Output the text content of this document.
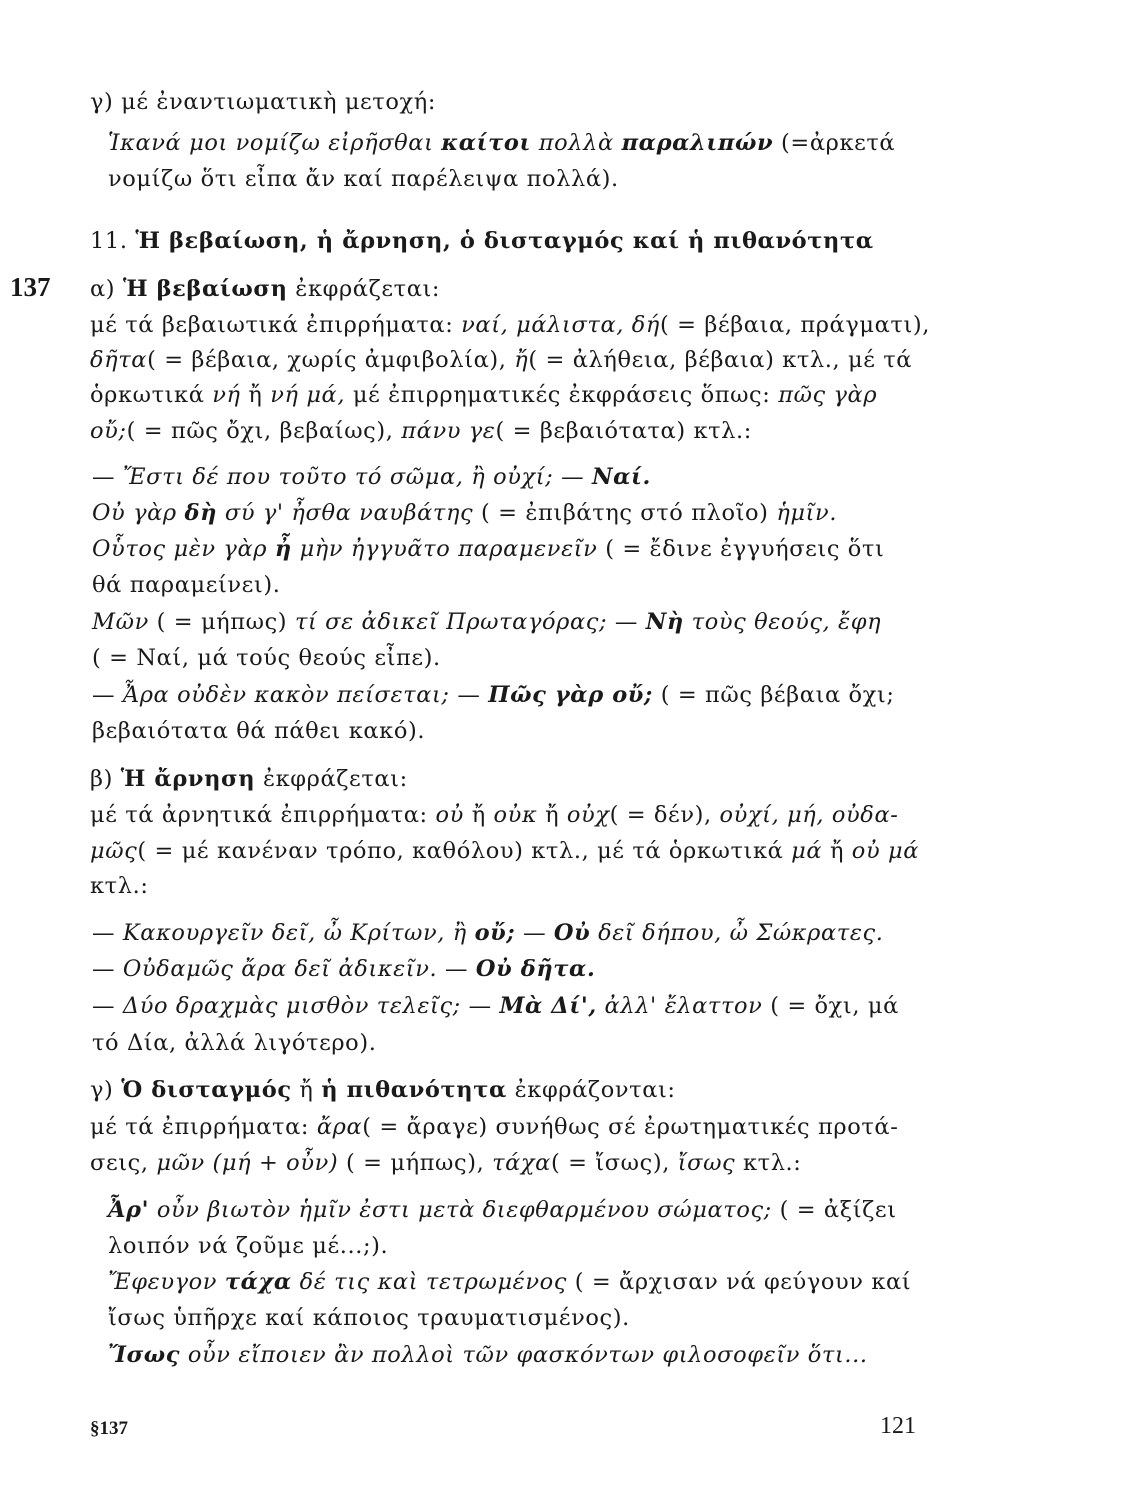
137
γ) μέ ἐναντιωματικὴ μετοχή:
Ἱκανά μοι νομίζω εἰρῆσθαι καίτοι πολλὰ παραλιπών (=ἀρκετά
νομίζω ὅτι εἶπα ἄν καί παρέλειψα πολλά).
11. Ἡ βεβαίωση, ἡ ἄρνηση, ὁ δισταγμός καί ἡ πιθανότητα
α) Ἡ βεβαίωση ἐκφράζεται:
μέ τά βεβαιωτικά ἐπιρρήματα: ναί, μάλιστα, δή( = βέβαια, πράγματι),
δῆτα( = βέβαια, χωρίς ἀμφιβολία), ἤ( = ἀλήθεια, βέβαια) κτλ., μέ τά
ὁρκωτικά νή ἤ νή μά, μέ ἐπιρρηματικές ἐκφράσεις ὅπως: πῶς γὰρ
οὔ;( = πῶς ὄχι, βεβαίως), πάνυ γε( = βεβαιότατα) κτλ.:
— Ἔστι δέ που τοῦτο τό σῶμα, ἢ οὐχί; — Ναί.
Οὐ γὰρ δὴ σύ γ' ἦσθα ναυβάτης ( = ἐπιβάτης στό πλοῖο) ἡμῖν.
Οὗτος μὲν γὰρ ἦ μὴν ἠγγυᾶτο παραμενεῖν ( = ἔδινε ἐγγυήσεις ὅτι
θά παραμείνει).
Μῶν ( = μήπως) τί σε ἀδικεῖ Πρωταγόρας; — Νὴ τοὺς θεούς, ἔφη
( = Ναί, μά τούς θεούς εἶπε).
— Ἆρα οὐδὲν κακὸν πείσεται; — Πῶς γὰρ οὔ; ( = πῶς βέβαια ὄχι;
βεβαιότατα θά πάθει κακό).
β) Ἡ ἄρνηση ἐκφράζεται:
μέ τά ἀρνητικά ἐπιρρήματα: οὐ ἤ οὐκ ἤ οὐχ( = δέν), οὐχί, μή, οὐδα-
μῶς( = μέ κανέναν τρόπο, καθόλου) κτλ., μέ τά ὁρκωτικά μά ἤ οὐ μά
κτλ.:
— Κακουργεῖν δεῖ, ὦ Κρίτων, ἢ οὔ; — Οὐ δεῖ δήπου, ὦ Σώκρατες.
— Οὐδαμῶς ἄρα δεῖ ἀδικεῖν. — Οὐ δῆτα.
— Δύο δραχμὰς μισθὸν τελεῖς; — Μὰ Δί', ἀλλ' ἔλαττον ( = ὄχι, μά
τό Δία, ἀλλά λιγότερο).
γ) Ὁ δισταγμός ἤ ἡ πιθανότητα ἐκφράζονται:
μέ τά ἐπιρρήματα: ἄρα( = ἄραγε) συνήθως σέ ἐρωτηματικές προτά-
σεις, μῶν (μή + οὖν) ( = μήπως), τάχα( = ἴσως), ἴσως κτλ.:
Ἆρ' οὖν βιωτὸν ἡμῖν ἐστι μετὰ διεφθαρμένου σώματος; ( = ἀξίζει
λοιπόν νά ζοῦμε μέ...;).
Ἔφευγον τάχα δέ τις καὶ τετρωμένος ( = ἄρχισαν νά φεύγουν καί
ἴσως ὑπῆρχε καί κάποιος τραυματισμένος).
Ἴσως οὖν εἴποιεν ἂν πολλοὶ τῶν φασκόντων φιλοσοφεῖν ὅτι...
§137	121
